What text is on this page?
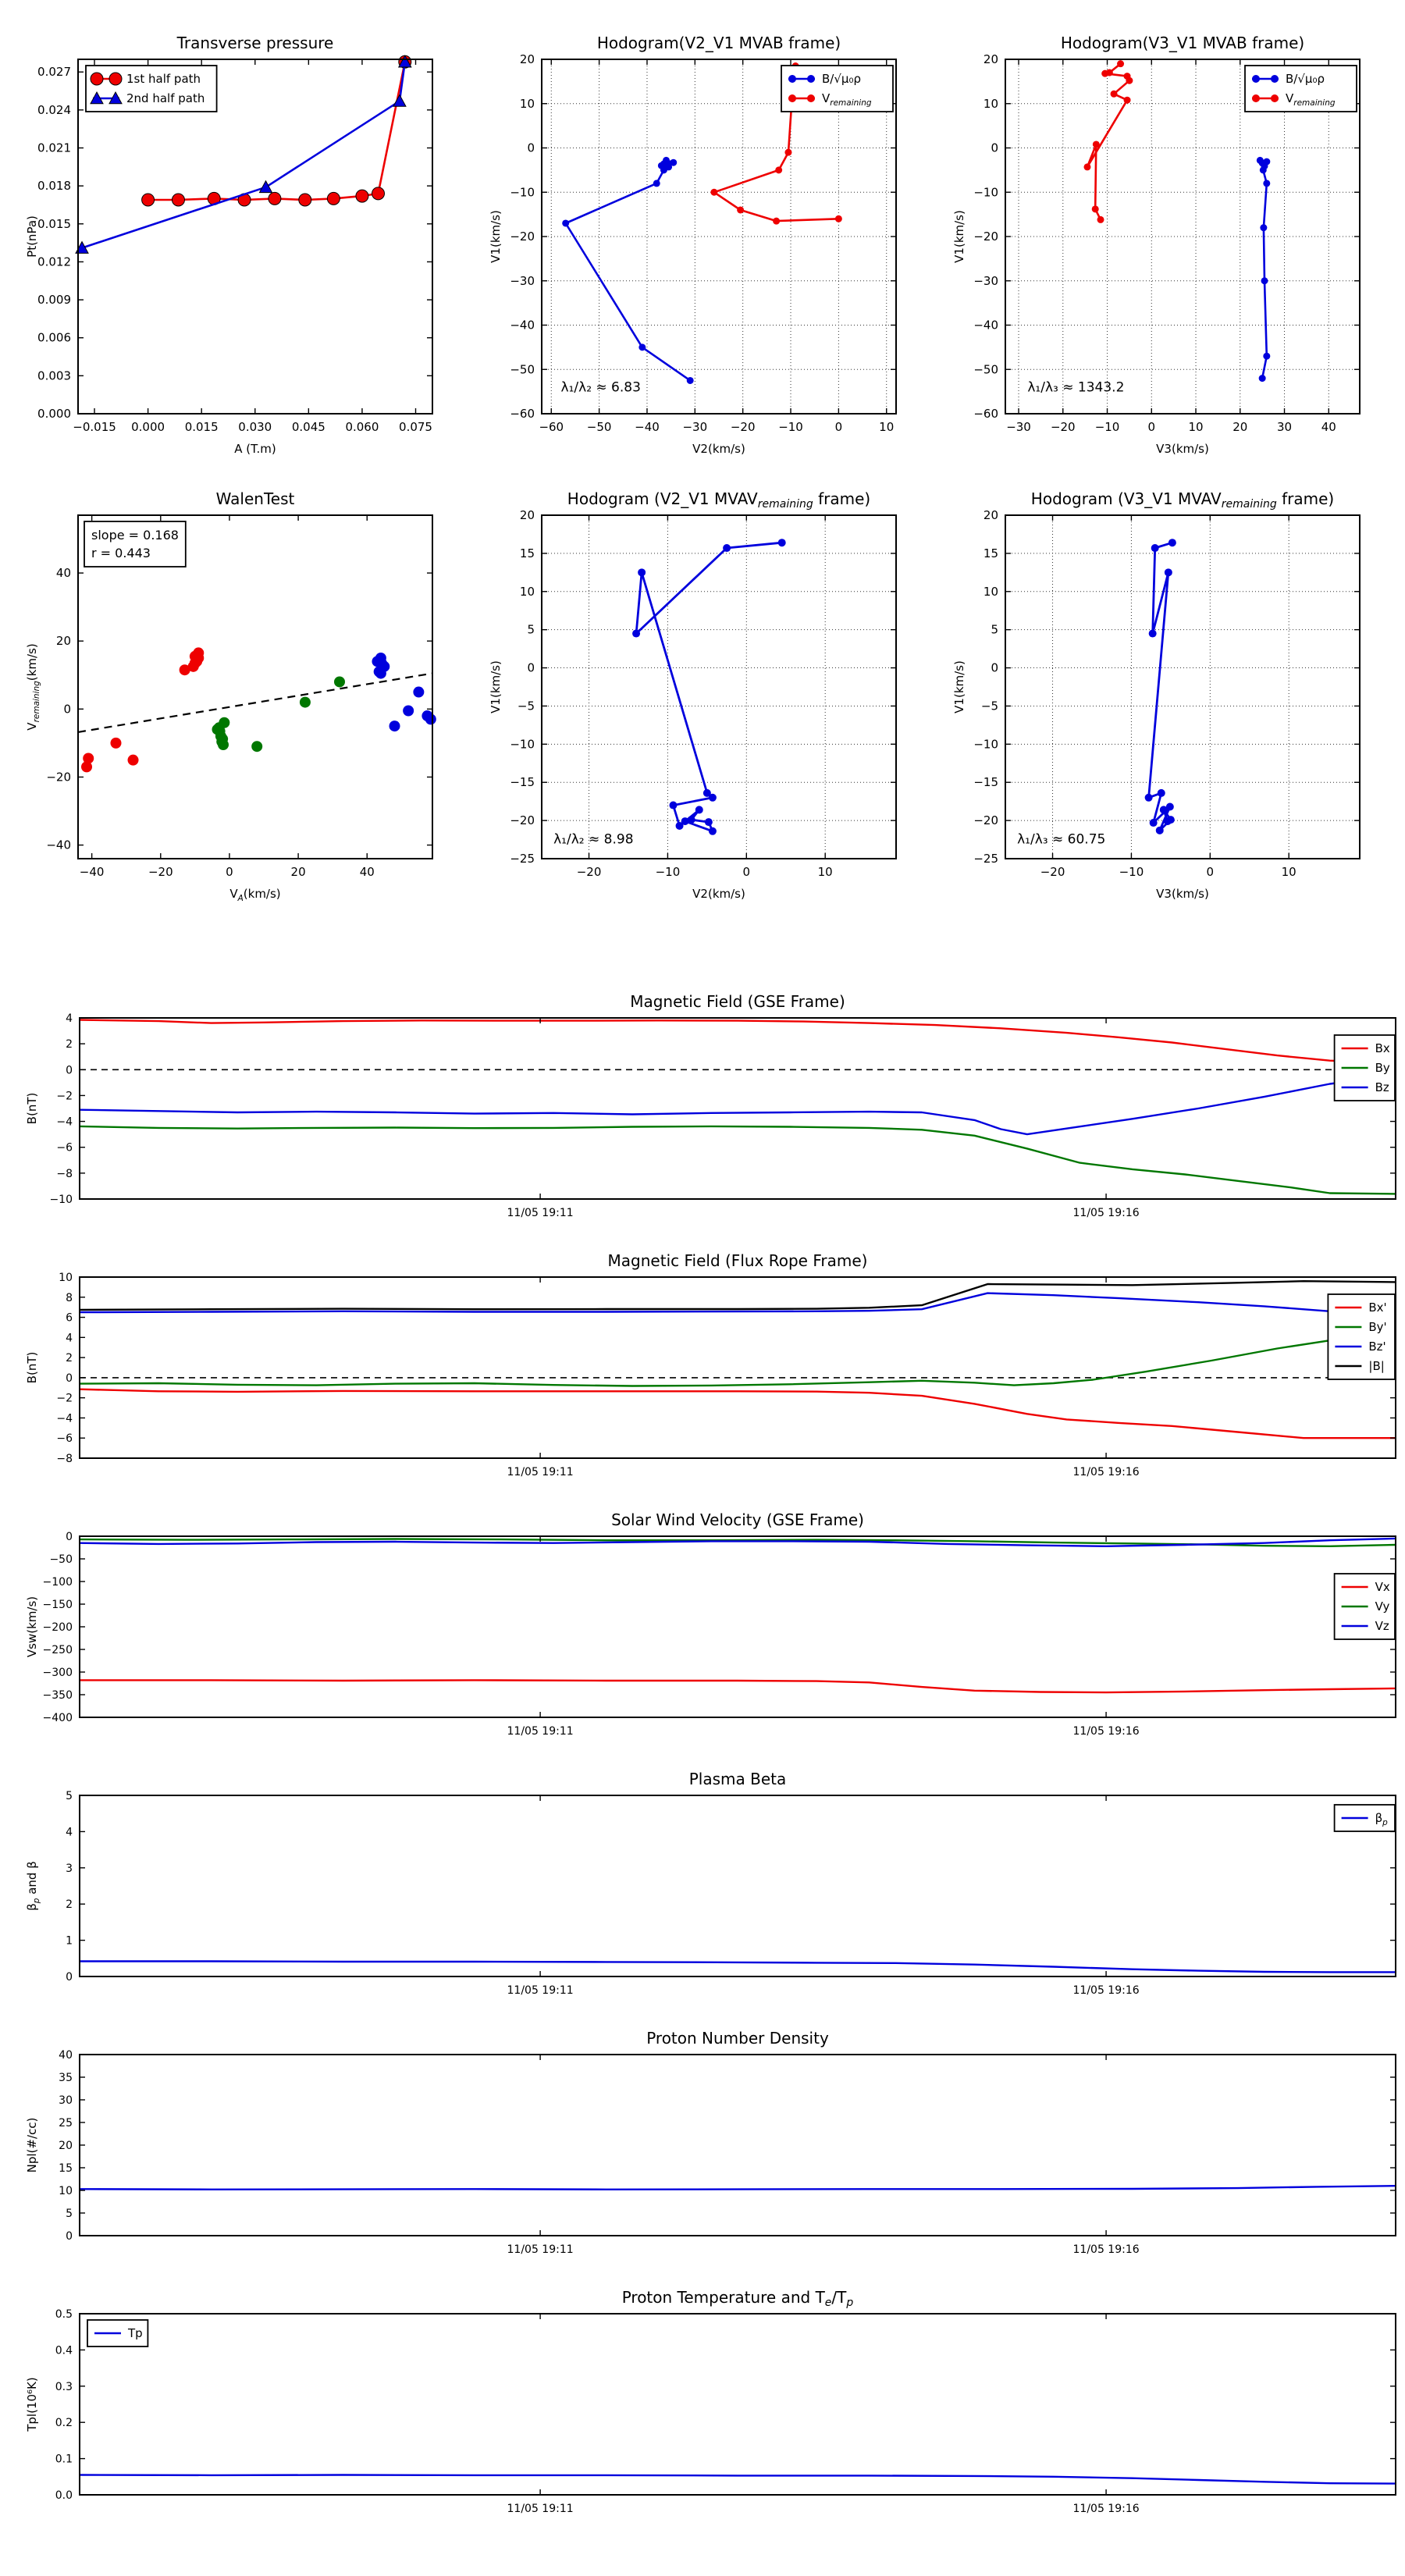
−0.015 0.000 0.015 0.030 0.045 0.060 0.075
0.000
0.003
0.006
0.009
0.012
0.015
0.018
0.021
0.024
0.027
Transverse pressure
A (T.m)
Pt(nPa)
1st half path
2nd half path
−60 −50 −40 −30 −20 −10	0	10
−60
−50
−40
−30
−20
−10
0
10
20
Hodogram(V2_V1 MVAB frame)
V2(km/s)
V1(km/s)
λ₁/λ₂ ≈ 6.83
B/√μ₀ρ
$V_{remaining}$
−30 −20 −10 0	10	20	30	40
−60
−50
−40
−30
−20
−10
0
10
20
Hodogram(V3_V1 MVAB frame)
V3(km/s)
V1(km/s)
λ₁/λ₃ ≈ 1343.2
B/√μ₀ρ
$V_{remaining}$
−40	−20	0	20	40
−40
−20
0
20
40
WalenTest
$V_A(km/s)$
$V_{remaining}(km/s)$
slope = 0.168
r = 0.443
−20	−10	0	10
−25
−20
−15
−10
−5
0
5
10
15
20
Hodogram (V2_V1 $MVAV_{remaining}$ frame)
V2(km/s)
V1(km/s)
λ₁/λ₂ ≈ 8.98
−20	−10	0	10
−25
−20
−15
−10
−5
0
5
10
15
20
Hodogram (V3_V1 $MVAV_{remaining}$ frame)
V3(km/s)
V1(km/s)
λ₁/λ₃ ≈ 60.75
11/05 19:11	11/05 19:16
4
2
0
−2
−4
−6
−8
−10
Magnetic Field (GSE Frame)
B(nT)
Bx
By
Bz
11/05 19:11	11/05 19:16
10
8
6
4
2
0
−2
−4
−6
−8
Magnetic Field (Flux Rope Frame)
B(nT)
Bx'
By'
Bz'
|B|
11/05 19:11	11/05 19:16
0
−50
−100
−150
−200
−250
−300
−350
−400
Solar Wind Velocity (GSE Frame)
Vsw(km/s)
Vx
Vy
Vz
11/05 19:11	11/05 19:16
0
1
2
3
4
5
Plasma Beta
$\beta_p$ and β
$\beta_p$
11/05 19:11	11/05 19:16
0
5
10
15
20
25
30
35
40
Proton Number Density
Npl(#/cc)
11/05 19:11	11/05 19:16
0.0
0.1
0.2
0.3
0.4
0.5
Proton Temperature and $T_e/T_p$
Tpl(10⁶K)
Tp
